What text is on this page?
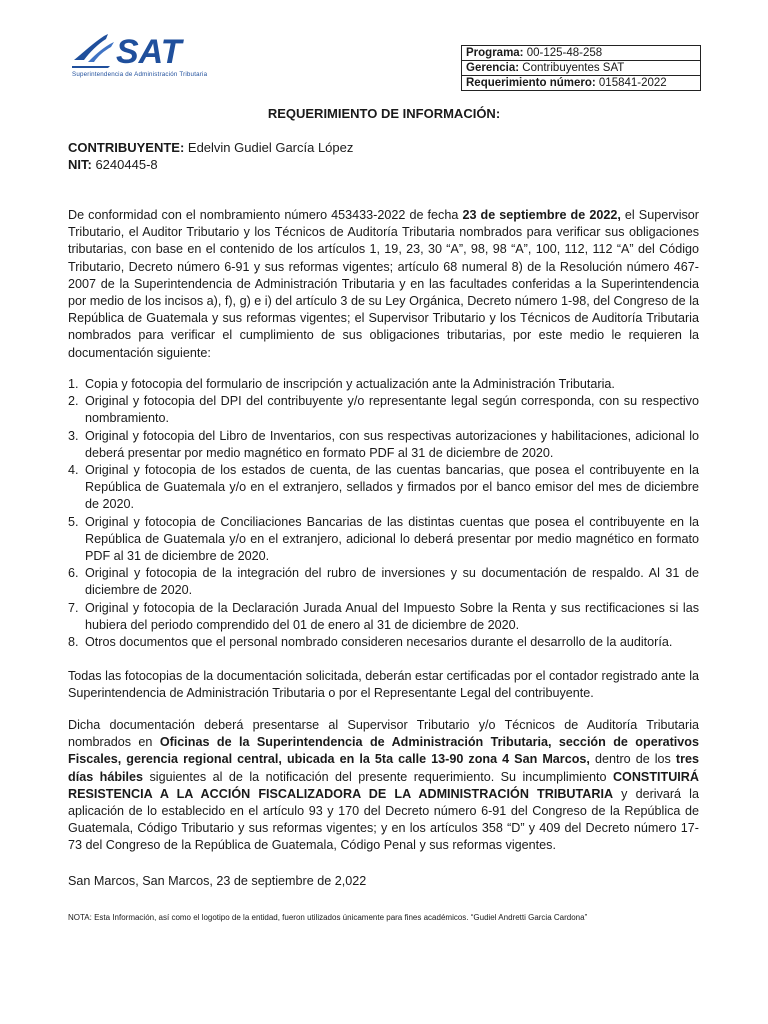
SAT
Superintendencia de Administración Tributaria
Programa: 00-125-48-258
Gerencia: Contribuyentes SAT
Requerimiento número: 015841-2022
REQUERIMIENTO DE INFORMACIÓN:
CONTRIBUYENTE: Edelvin Gudiel García López
NIT: 6240445-8
De conformidad con el nombramiento número 453433-2022 de fecha 23 de septiembre de 2022, el Supervisor Tributario, el Auditor Tributario y los Técnicos de Auditoría Tributaria nombrados para verificar sus obligaciones tributarias, con base en el contenido de los artículos 1, 19, 23, 30 “A”, 98, 98 “A”, 100, 112, 112 “A” del Código Tributario, Decreto número 6-91 y sus reformas vigentes; artículo 68 numeral 8) de la Resolución número 467-2007 de la Superintendencia de Administración Tributaria y en las facultades conferidas a la Superintendencia por medio de los incisos a), f), g) e i) del artículo 3 de su Ley Orgánica, Decreto número 1-98, del Congreso de la República de Guatemala y sus reformas vigentes; el Supervisor Tributario y los Técnicos de Auditoría Tributaria nombrados para verificar el cumplimiento de sus obligaciones tributarias, por este medio le requieren la documentación siguiente:
1. Copia y fotocopia del formulario de inscripción y actualización ante la Administración Tributaria.
2. Original y fotocopia del DPI del contribuyente y/o representante legal según corresponda, con su respectivo nombramiento.
3. Original y fotocopia del Libro de Inventarios, con sus respectivas autorizaciones y habilitaciones, adicional lo deberá presentar por medio magnético en formato PDF al 31 de diciembre de 2020.
4. Original y fotocopia de los estados de cuenta, de las cuentas bancarias, que posea el contribuyente en la República de Guatemala y/o en el extranjero, sellados y firmados por el banco emisor del mes de diciembre de 2020.
5. Original y fotocopia de Conciliaciones Bancarias de las distintas cuentas que posea el contribuyente en la República de Guatemala y/o en el extranjero, adicional lo deberá presentar por medio magnético en formato PDF al 31 de diciembre de 2020.
6. Original y fotocopia de la integración del rubro de inversiones y su documentación de respaldo. Al 31 de diciembre de 2020.
7. Original y fotocopia de la Declaración Jurada Anual del Impuesto Sobre la Renta y sus rectificaciones si las hubiera del periodo comprendido del 01 de enero al 31 de diciembre de 2020.
8. Otros documentos que el personal nombrado consideren necesarios durante el desarrollo de la auditoría.
Todas las fotocopias de la documentación solicitada, deberán estar certificadas por el contador registrado ante la Superintendencia de Administración Tributaria o por el Representante Legal del contribuyente.
Dicha documentación deberá presentarse al Supervisor Tributario y/o Técnicos de Auditoría Tributaria nombrados en Oficinas de la Superintendencia de Administración Tributaria, sección de operativos Fiscales, gerencia regional central, ubicada en la 5ta calle 13-90 zona 4 San Marcos, dentro de los tres días hábiles siguientes al de la notificación del presente requerimiento. Su incumplimiento CONSTITUIRÁ RESISTENCIA A LA ACCIÓN FISCALIZADORA DE LA ADMINISTRACIÓN TRIBUTARIA y derivará la aplicación de lo establecido en el artículo 93 y 170 del Decreto número 6-91 del Congreso de la República de Guatemala, Código Tributario y sus reformas vigentes; y en los artículos 358 “D” y 409 del Decreto número 17-73 del Congreso de la República de Guatemala, Código Penal y sus reformas vigentes.
San Marcos, San Marcos, 23 de septiembre de 2,022
NOTA: Esta Información, así como el logotipo de la entidad, fueron utilizados únicamente para fines académicos. “Gudiel Andretti Garcia Cardona”
